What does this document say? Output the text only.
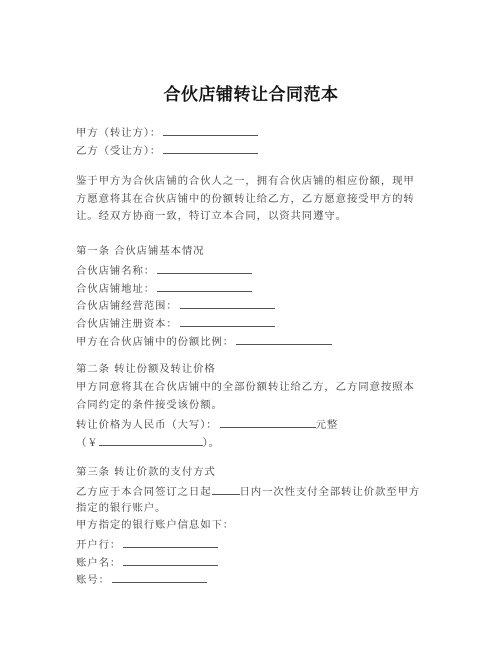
合伙店铺转让合同范本
甲方（转让方）：
乙方（受让方）：
鉴于甲方为合伙店铺的合伙人之一，拥有合伙店铺的相应份额，现甲
方愿意将其在合伙店铺中的份额转让给乙方，乙方愿意接受甲方的转
让。经双方协商一致，特订立本合同，以资共同遵守。
第一条 合伙店铺基本情况
合伙店铺名称：
合伙店铺地址：
合伙店铺经营范围：
合伙店铺注册资本：
甲方在合伙店铺中的份额比例：
第二条 转让份额及转让价格
甲方同意将其在合伙店铺中的全部份额转让给乙方，乙方同意按照本
合同约定的条件接受该份额。
转让价格为人民币（大写）：	元整
（￥	）。
第三条 转让价款的支付方式
乙方应于本合同签订之日起	日内一次性支付全部转让价款至甲方
指定的银行账户。
甲方指定的银行账户信息如下：
开户行：
账户名：
账号：
